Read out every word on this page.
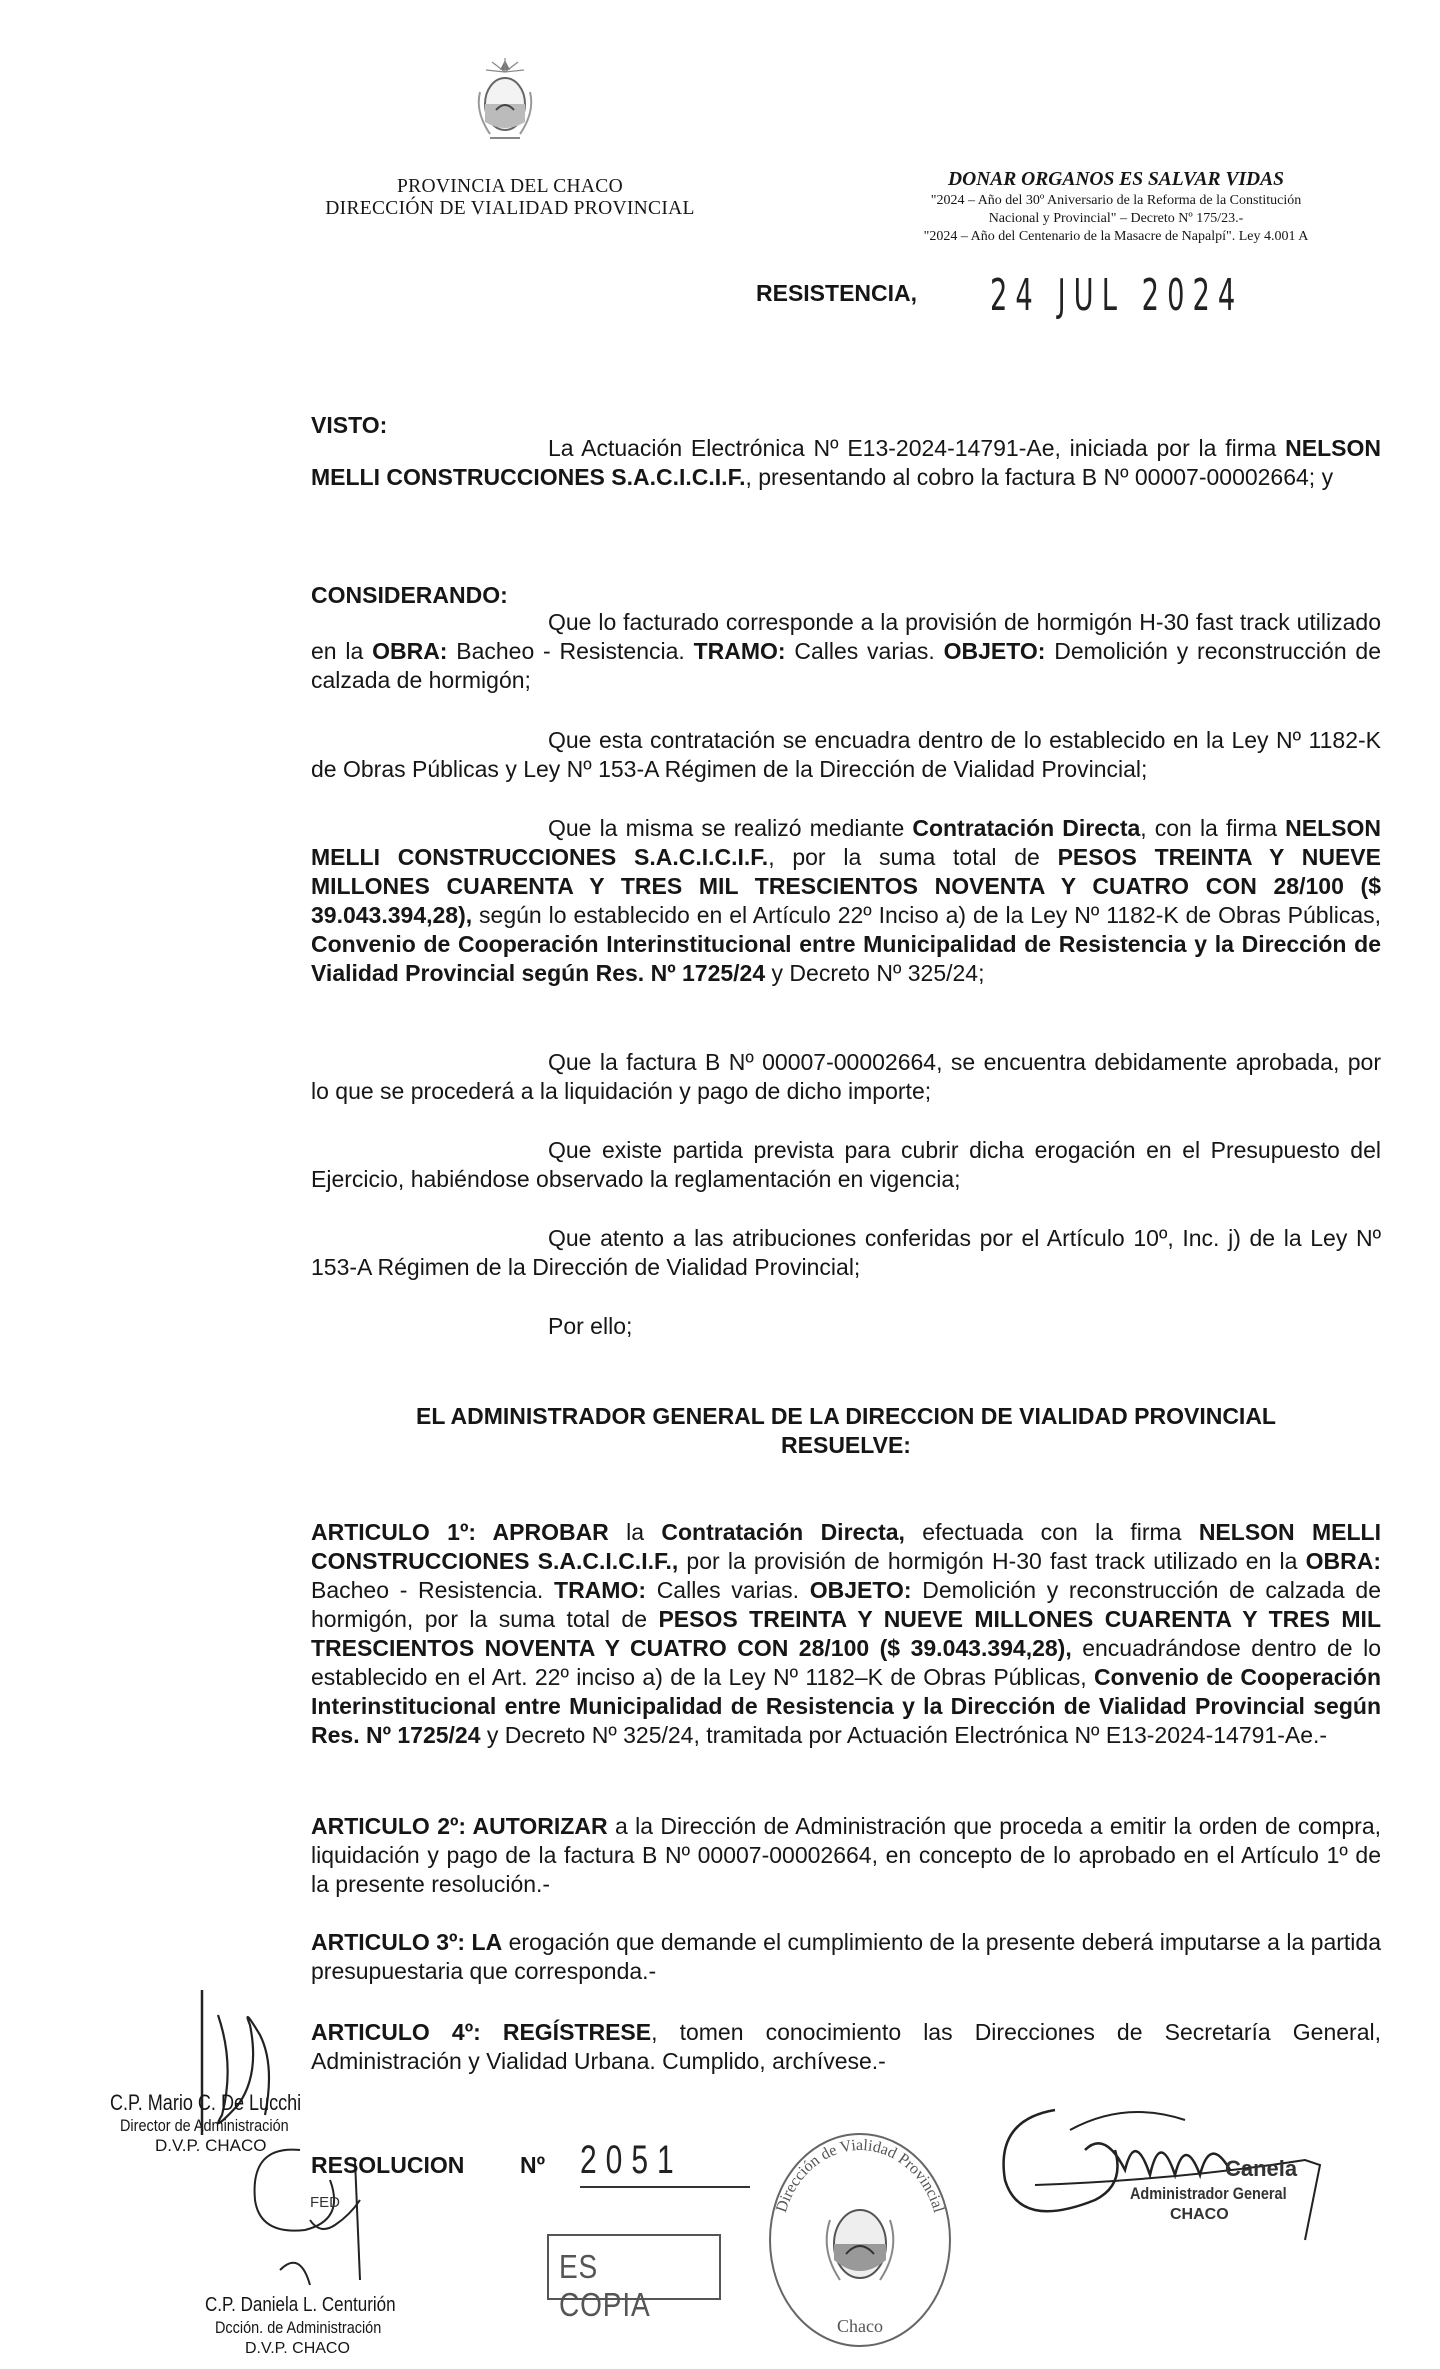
PROVINCIA DEL CHACO
DIRECCIÓN DE VIALIDAD PROVINCIAL
DONAR ORGANOS ES SALVAR VIDAS
"2024 – Año del 30º Aniversario de la Reforma de la Constitución
Nacional y Provincial" – Decreto Nº 175/23.-
"2024 – Año del Centenario de la Masacre de Napalpí". Ley 4.001 A
RESISTENCIA, 24 JUL 2024
VISTO:
La Actuación Electrónica Nº E13-2024-14791-Ae, iniciada por la firma NELSON MELLI CONSTRUCCIONES S.A.C.I.C.I.F., presentando al cobro la factura B Nº 00007-00002664; y
CONSIDERANDO:
Que lo facturado corresponde a la provisión de hormigón H-30 fast track utilizado en la OBRA: Bacheo - Resistencia. TRAMO: Calles varias. OBJETO: Demolición y reconstrucción de calzada de hormigón;
Que esta contratación se encuadra dentro de lo establecido en la Ley Nº 1182-K de Obras Públicas y Ley Nº 153-A Régimen de la Dirección de Vialidad Provincial;
Que la misma se realizó mediante Contratación Directa, con la firma NELSON MELLI CONSTRUCCIONES S.A.C.I.C.I.F., por la suma total de PESOS TREINTA Y NUEVE MILLONES CUARENTA Y TRES MIL TRESCIENTOS NOVENTA Y CUATRO CON 28/100 ($ 39.043.394,28), según lo establecido en el Artículo 22º Inciso a) de la Ley Nº 1182-K de Obras Públicas, Convenio de Cooperación Interinstitucional entre Municipalidad de Resistencia y la Dirección de Vialidad Provincial según Res. Nº 1725/24 y Decreto Nº 325/24;
Que la factura B Nº 00007-00002664, se encuentra debidamente aprobada, por lo que se procederá a la liquidación y pago de dicho importe;
Que existe partida prevista para cubrir dicha erogación en el Presupuesto del Ejercicio, habiéndose observado la reglamentación en vigencia;
Que atento a las atribuciones conferidas por el Artículo 10º, Inc. j) de la Ley Nº 153-A Régimen de la Dirección de Vialidad Provincial;
Por ello;
EL ADMINISTRADOR GENERAL DE LA DIRECCION DE VIALIDAD PROVINCIAL
RESUELVE:
ARTICULO 1º: APROBAR la Contratación Directa, efectuada con la firma NELSON MELLI CONSTRUCCIONES S.A.C.I.C.I.F., por la provisión de hormigón H-30 fast track utilizado en la OBRA: Bacheo - Resistencia. TRAMO: Calles varias. OBJETO: Demolición y reconstrucción de calzada de hormigón, por la suma total de PESOS TREINTA Y NUEVE MILLONES CUARENTA Y TRES MIL TRESCIENTOS NOVENTA Y CUATRO CON 28/100 ($ 39.043.394,28), encuadrándose dentro de lo establecido en el Art. 22º inciso a) de la Ley Nº 1182–K de Obras Públicas, Convenio de Cooperación Interinstitucional entre Municipalidad de Resistencia y la Dirección de Vialidad Provincial según Res. Nº 1725/24 y Decreto Nº 325/24, tramitada por Actuación Electrónica Nº E13-2024-14791-Ae.-
ARTICULO 2º: AUTORIZAR a la Dirección de Administración que proceda a emitir la orden de compra, liquidación y pago de la factura B Nº 00007-00002664, en concepto de lo aprobado en el Artículo 1º de la presente resolución.-
ARTICULO 3º: LA erogación que demande el cumplimiento de la presente deberá imputarse a la partida presupuestaria que corresponda.-
ARTICULO 4º: REGÍSTRESE, tomen conocimiento las Direcciones de Secretaría General, Administración y Vialidad Urbana. Cumplido, archívese.-
C.P. Mario C. De Lucchi
Director de Administración
D.V.P. CHACO
FED
C.P. Daniela L. Centurión
Dcción. de Administración
D.V.P. CHACO
RESOLUCION Nº 2051
ES COPIA
Dirección de Vialidad Provincial
Chaco
Canela
Administrador General
CHACO
